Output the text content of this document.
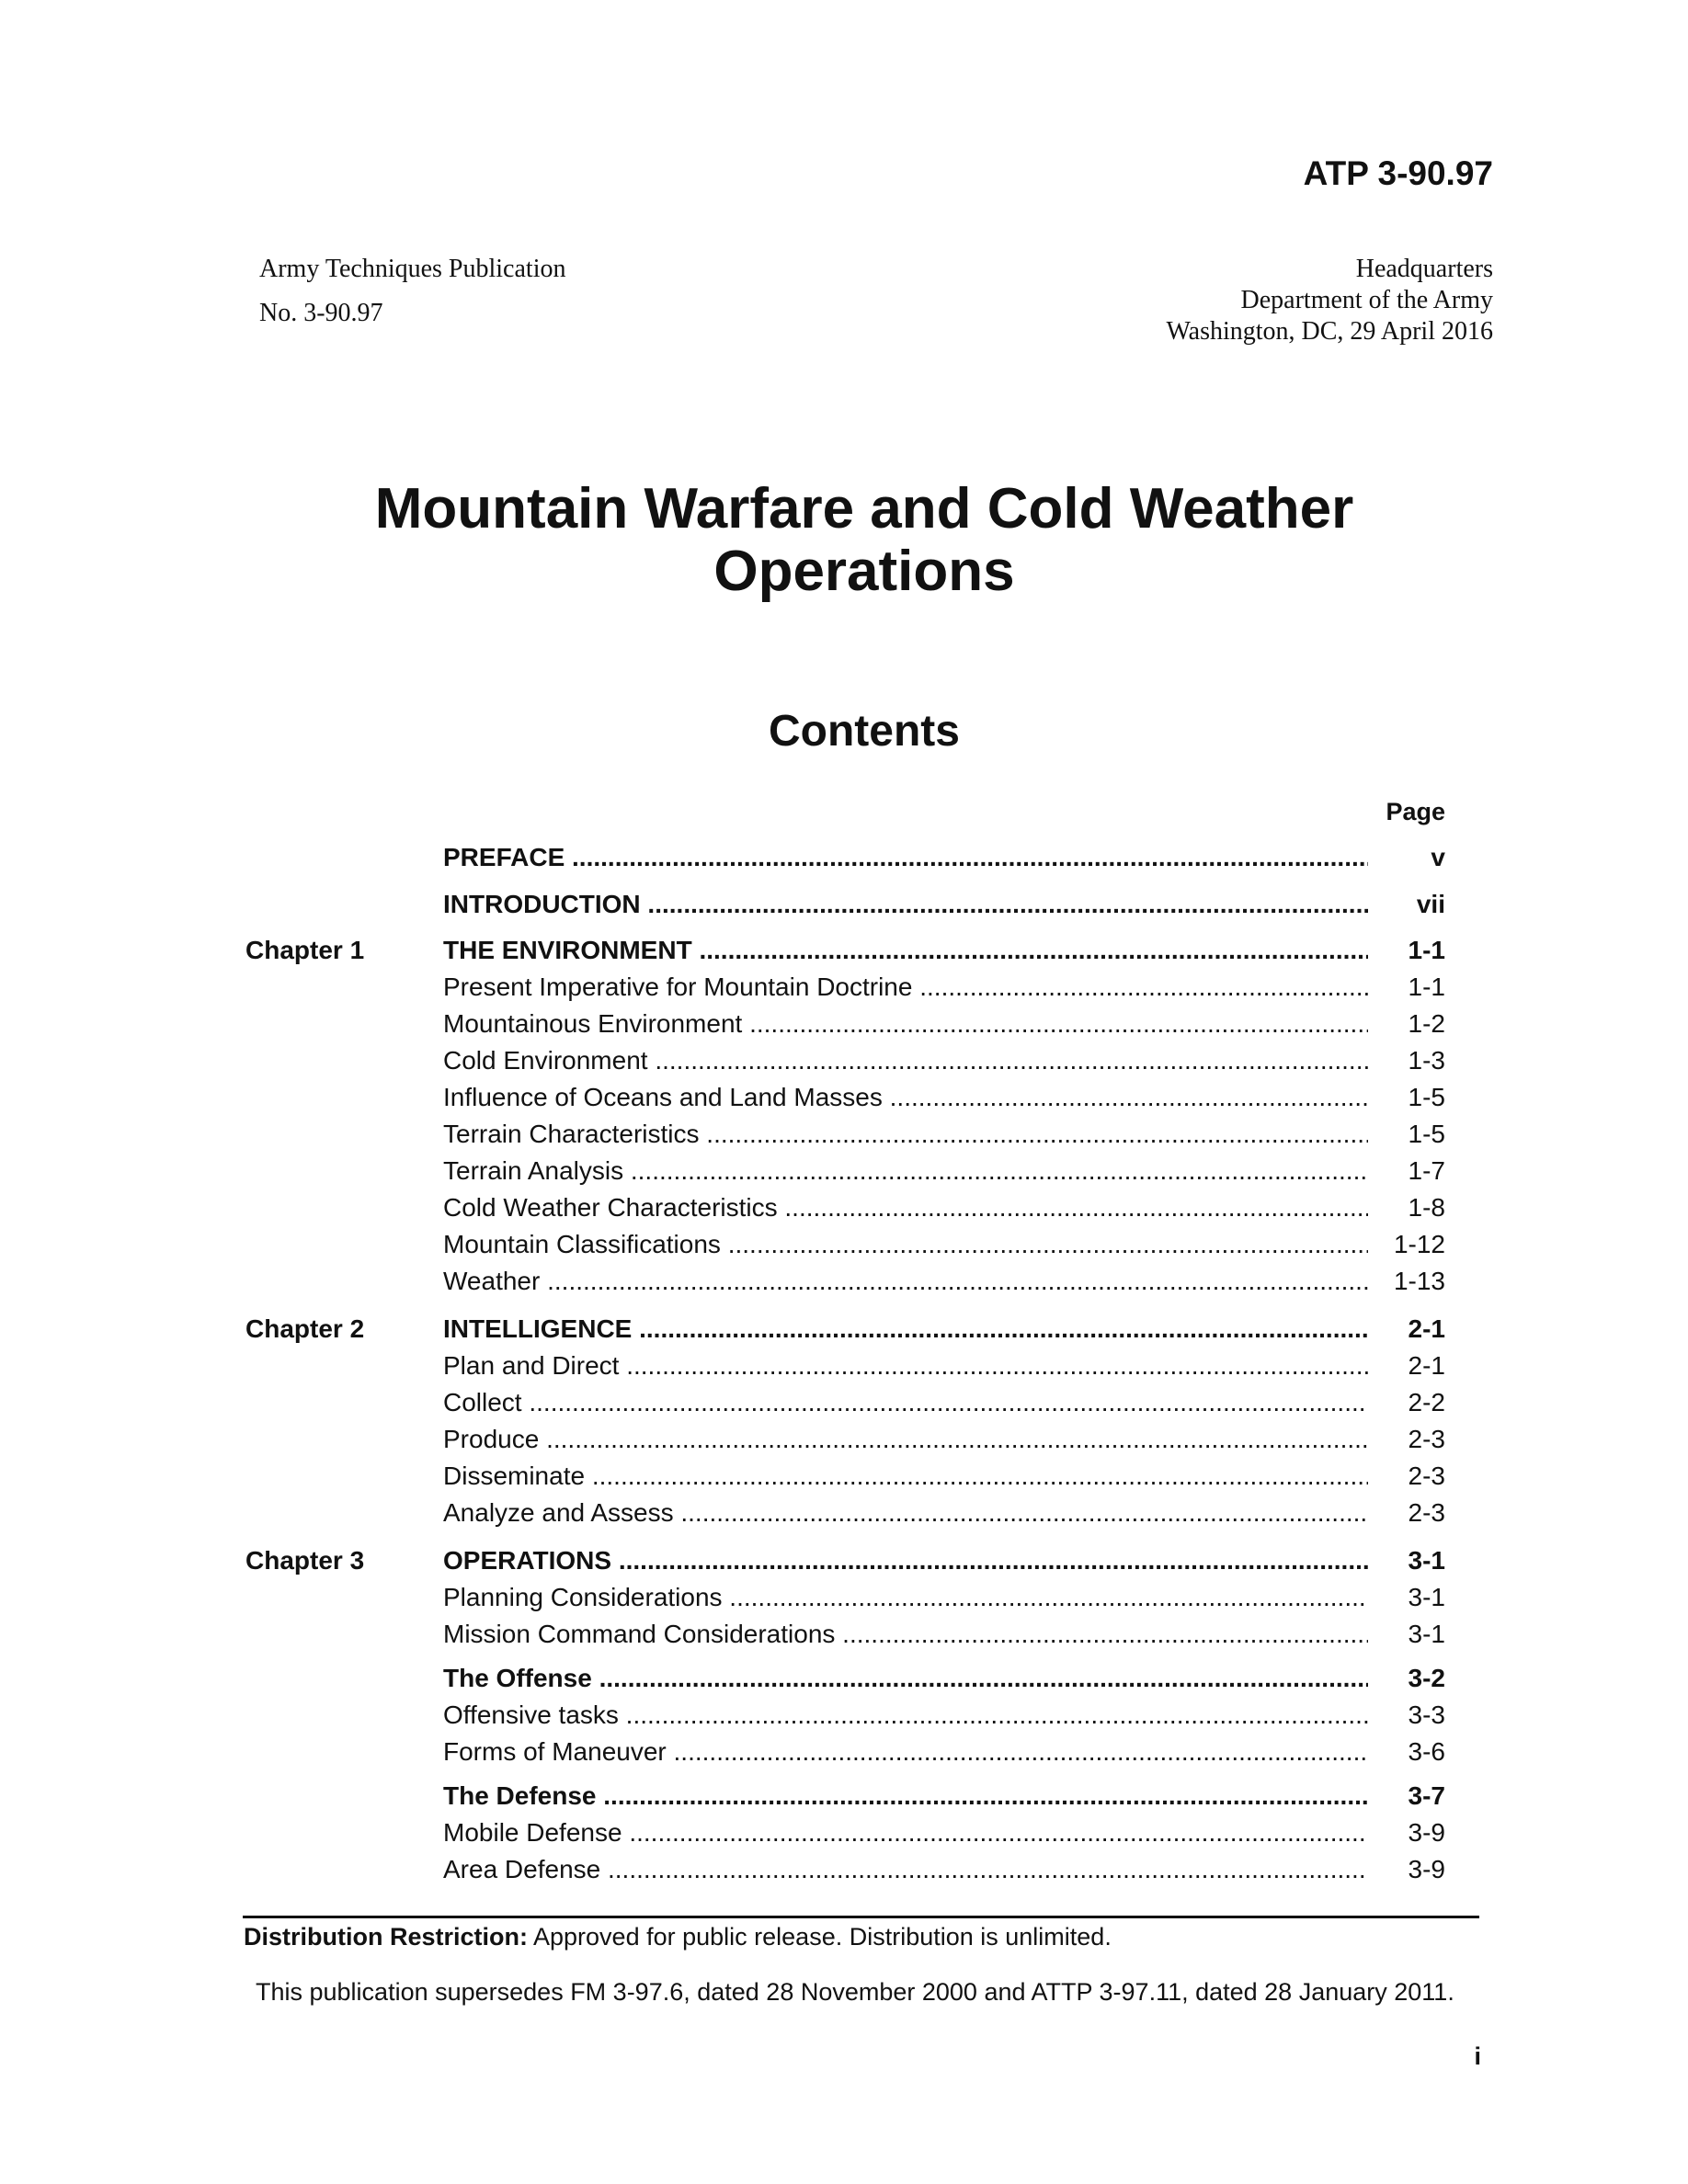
ATP 3-90.97
Army Techniques Publication
No. 3-90.97
Headquarters
Department of the Army
Washington, DC, 29 April 2016
Mountain Warfare and Cold Weather
Operations
Contents
Page
PREFACE .....	v
INTRODUCTION .....	vii
Chapter 1	THE ENVIRONMENT .....	1-1
Present Imperative for Mountain Doctrine .....	1-1
Mountainous Environment .....	1-2
Cold Environment .....	1-3
Influence of Oceans and Land Masses .....	1-5
Terrain Characteristics .....	1-5
Terrain Analysis .....	1-7
Cold Weather Characteristics .....	1-8
Mountain Classifications .....	1-12
Weather .....	1-13
Chapter 2	INTELLIGENCE .....	2-1
Plan and Direct .....	2-1
Collect .....	2-2
Produce .....	2-3
Disseminate .....	2-3
Analyze and Assess .....	2-3
Chapter 3	OPERATIONS .....	3-1
Planning Considerations .....	3-1
Mission Command Considerations .....	3-1
The Offense .....	3-2
Offensive tasks .....	3-3
Forms of Maneuver .....	3-6
The Defense .....	3-7
Mobile Defense .....	3-9
Area Defense .....	3-9
Distribution Restriction: Approved for public release. Distribution is unlimited.
This publication supersedes FM 3-97.6, dated 28 November 2000 and ATTP 3-97.11, dated 28 January 2011.
i
